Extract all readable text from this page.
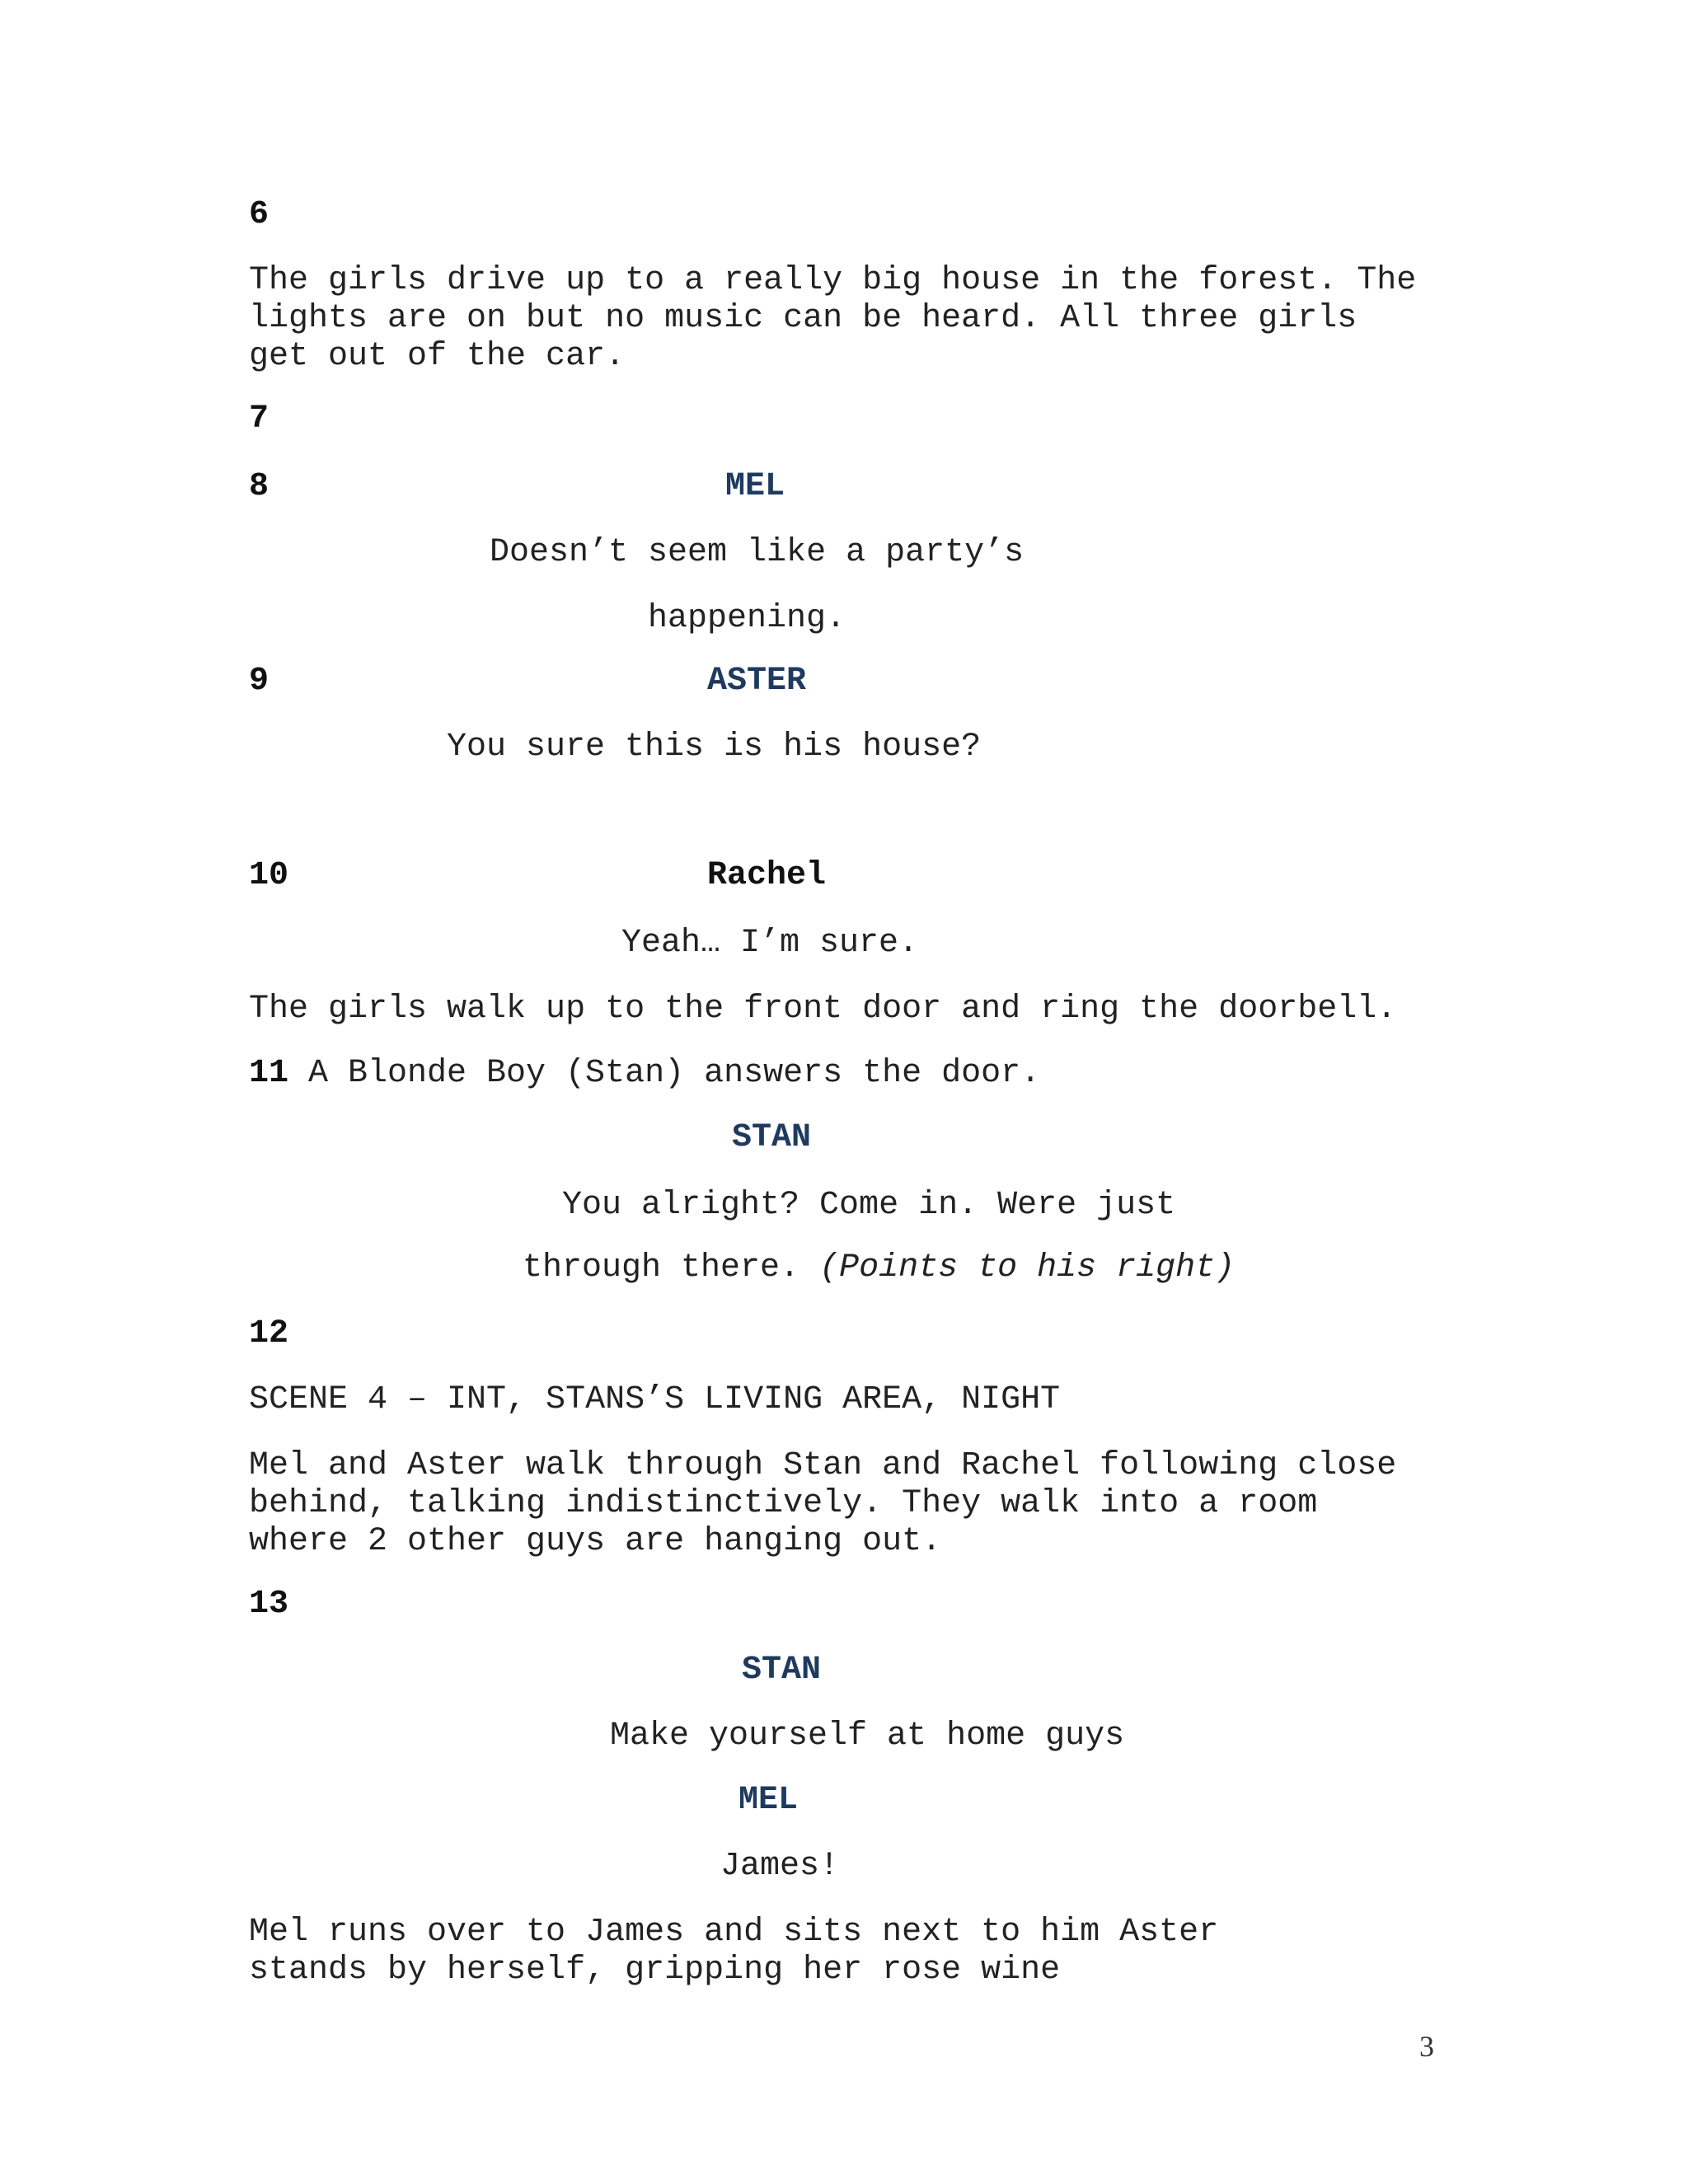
6
The girls drive up to a really big house in the forest. The
lights are on but no music can be heard. All three girls
get out of the car.
7
8	MEL
Doesn’t seem like a party’s
happening.
9	ASTER
You sure this is his house?
10	Rachel
Yeah… I’m sure.
The girls walk up to the front door and ring the doorbell.
11 A Blonde Boy (Stan) answers the door.
STAN
You alright? Come in. Were just
through there. (Points to his right)
12
SCENE 4 – INT, STANS’S LIVING AREA, NIGHT
Mel and Aster walk through Stan and Rachel following close
behind, talking indistinctively. They walk into a room
where 2 other guys are hanging out.
13
STAN
Make yourself at home guys
MEL
James!
Mel runs over to James and sits next to him Aster
stands by herself, gripping her rose wine
3
